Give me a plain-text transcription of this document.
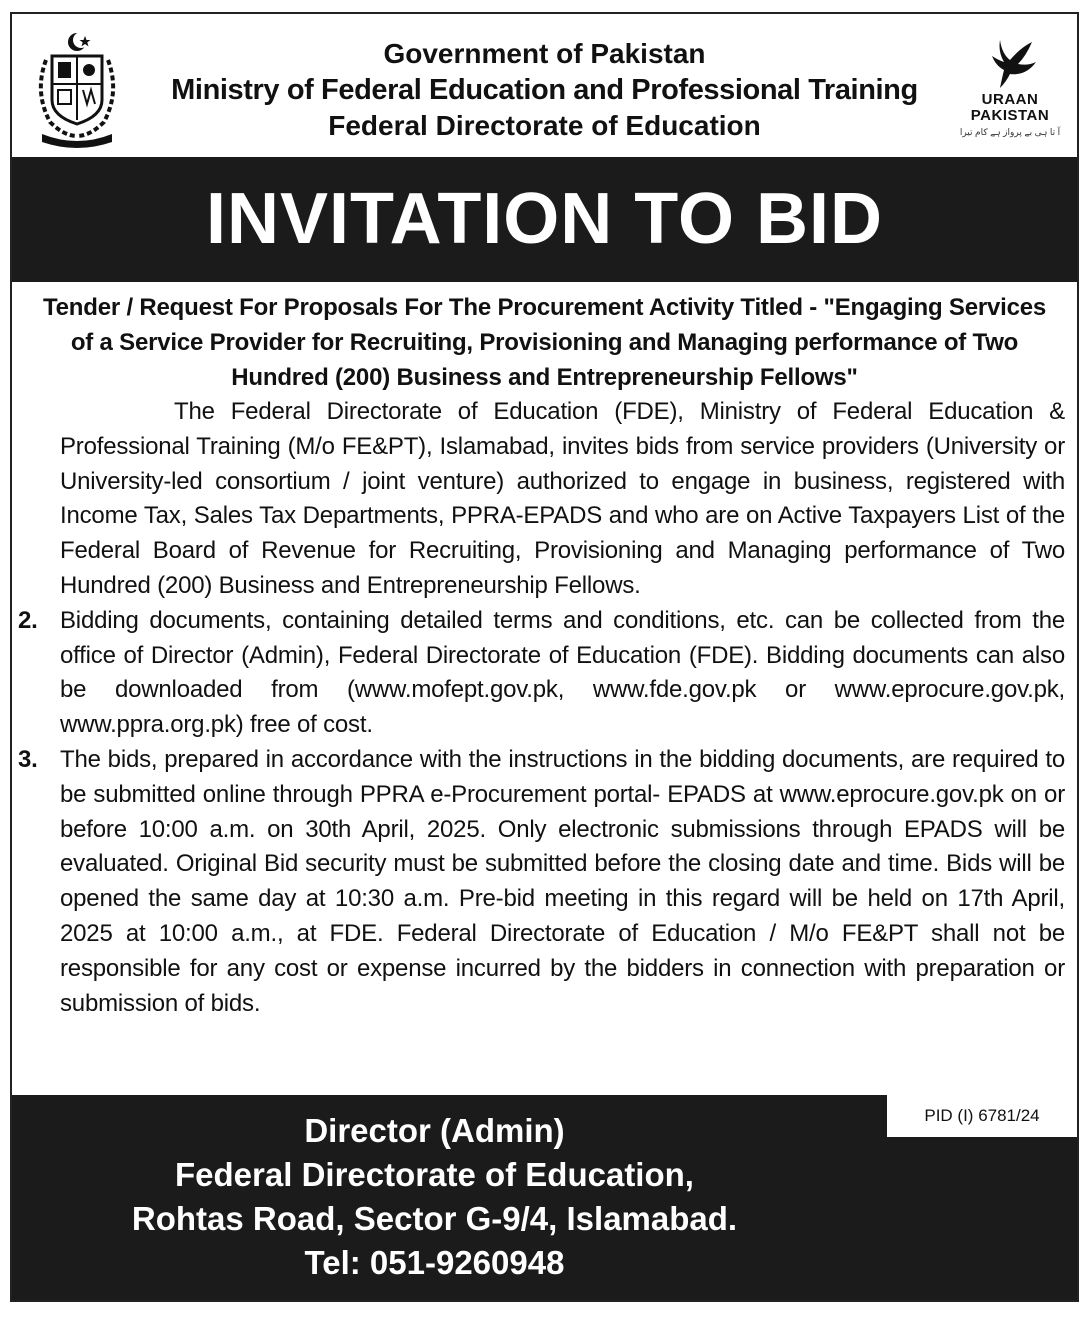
Government of Pakistan
Ministry of Federal Education and Professional Training
Federal Directorate of Education
URAAN
PAKISTAN
آ تا ہی بے پرواز ہے کام تیرا
INVITATION TO BID
Tender / Request For Proposals For The Procurement Activity Titled - "Engaging Services of a Service Provider for Recruiting, Provisioning and Managing performance of Two Hundred (200) Business and Entrepreneurship Fellows"

The Federal Directorate of Education (FDE), Ministry of Federal Education & Professional Training (M/o FE&PT), Islamabad, invites bids from service providers (University or University-led consortium / joint venture) authorized to engage in business, registered with Income Tax, Sales Tax Departments, PPRA-EPADS and who are on Active Taxpayers List of the Federal Board of Revenue for Recruiting, Provisioning and Managing performance of Two Hundred (200) Business and Entrepreneurship Fellows.

2. Bidding documents, containing detailed terms and conditions, etc. can be collected from the office of Director (Admin), Federal Directorate of Education (FDE). Bidding documents can also be downloaded from (www.mofept.gov.pk, www.fde.gov.pk or www.eprocure.gov.pk, www.ppra.org.pk) free of cost.
3. The bids, prepared in accordance with the instructions in the bidding documents, are required to be submitted online through PPRA e-Procurement portal- EPADS at www.eprocure.gov.pk on or before 10:00 a.m. on 30th April, 2025. Only electronic submissions through EPADS will be evaluated. Original Bid security must be submitted before the closing date and time. Bids will be opened the same day at 10:30 a.m. Pre-bid meeting in this regard will be held on 17th April, 2025 at 10:00 a.m., at FDE. Federal Directorate of Education / M/o FE&PT shall not be responsible for any cost or expense incurred by the bidders in connection with preparation or submission of bids.
Director (Admin)
Federal Directorate of Education,
Rohtas Road, Sector G-9/4, Islamabad.
Tel: 051-9260948
PID (I) 6781/24
